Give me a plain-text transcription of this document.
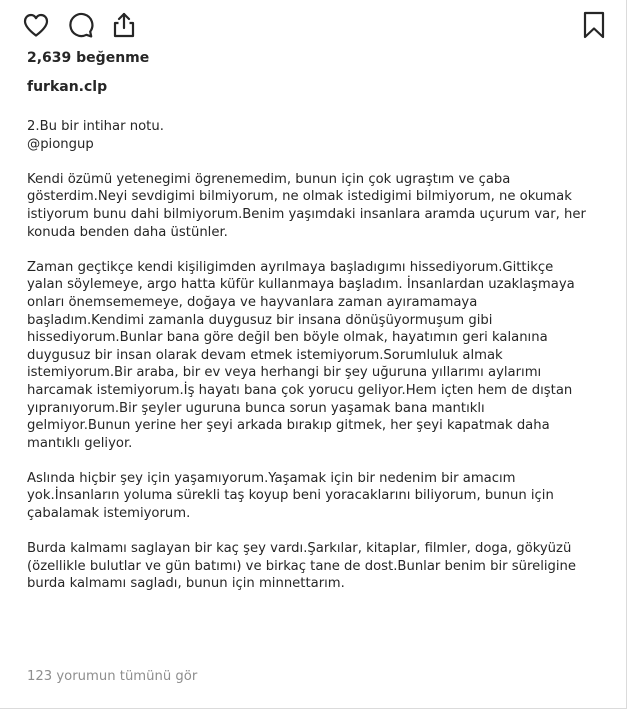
2,639 beğenme
furkan.clp

2.Bu bir intihar notu.

@piongup

Kendi özümü yetenegimi ögrenemedim, bunun için çok ugraştım ve çaba

gösterdim.Neyi sevdigimi bilmiyorum, ne olmak istedigimi bilmiyorum, ne okumak

istiyorum bunu dahi bilmiyorum.Benim yaşımdaki insanlara aramda uçurum var, her

konuda benden daha üstünler.

Zaman geçtikçe kendi kişiligimden ayrılmaya başladıgımı hissediyorum.Gittikçe

yalan söylemeye, argo hatta küfür kullanmaya başladım. İnsanlardan uzaklaşmaya

onları önemsememeye, doğaya ve hayvanlara zaman ayıramamaya

başladım.Kendimi zamanla duygusuz bir insana dönüşüyormuşum gibi

hissediyorum.Bunlar bana göre değil ben böyle olmak, hayatımın geri kalanına

duygusuz bir insan olarak devam etmek istemiyorum.Sorumluluk almak

istemiyorum.Bir araba, bir ev veya herhangi bir şey uğuruna yıllarımı aylarımı

harcamak istemiyorum.İş hayatı bana çok yorucu geliyor.Hem içten hem de dıştan

yıpranıyorum.Bir şeyler uguruna bunca sorun yaşamak bana mantıklı

gelmiyor.Bunun yerine her şeyi arkada bırakıp gitmek, her şeyi kapatmak daha

mantıklı geliyor.

Aslında hiçbir şey için yaşamıyorum.Yaşamak için bir nedenim bir amacım

yok.İnsanların yoluma sürekli taş koyup beni yoracaklarını biliyorum, bunun için

çabalamak istemiyorum.

Burda kalmamı saglayan bir kaç şey vardı.Şarkılar, kitaplar, filmler, doga, gökyüzü

(özellikle bulutlar ve gün batımı) ve birkaç tane de dost.Bunlar benim bir süreligine

burda kalmamı sagladı, bunun için minnettarım.

123 yorumun tümünü gör
